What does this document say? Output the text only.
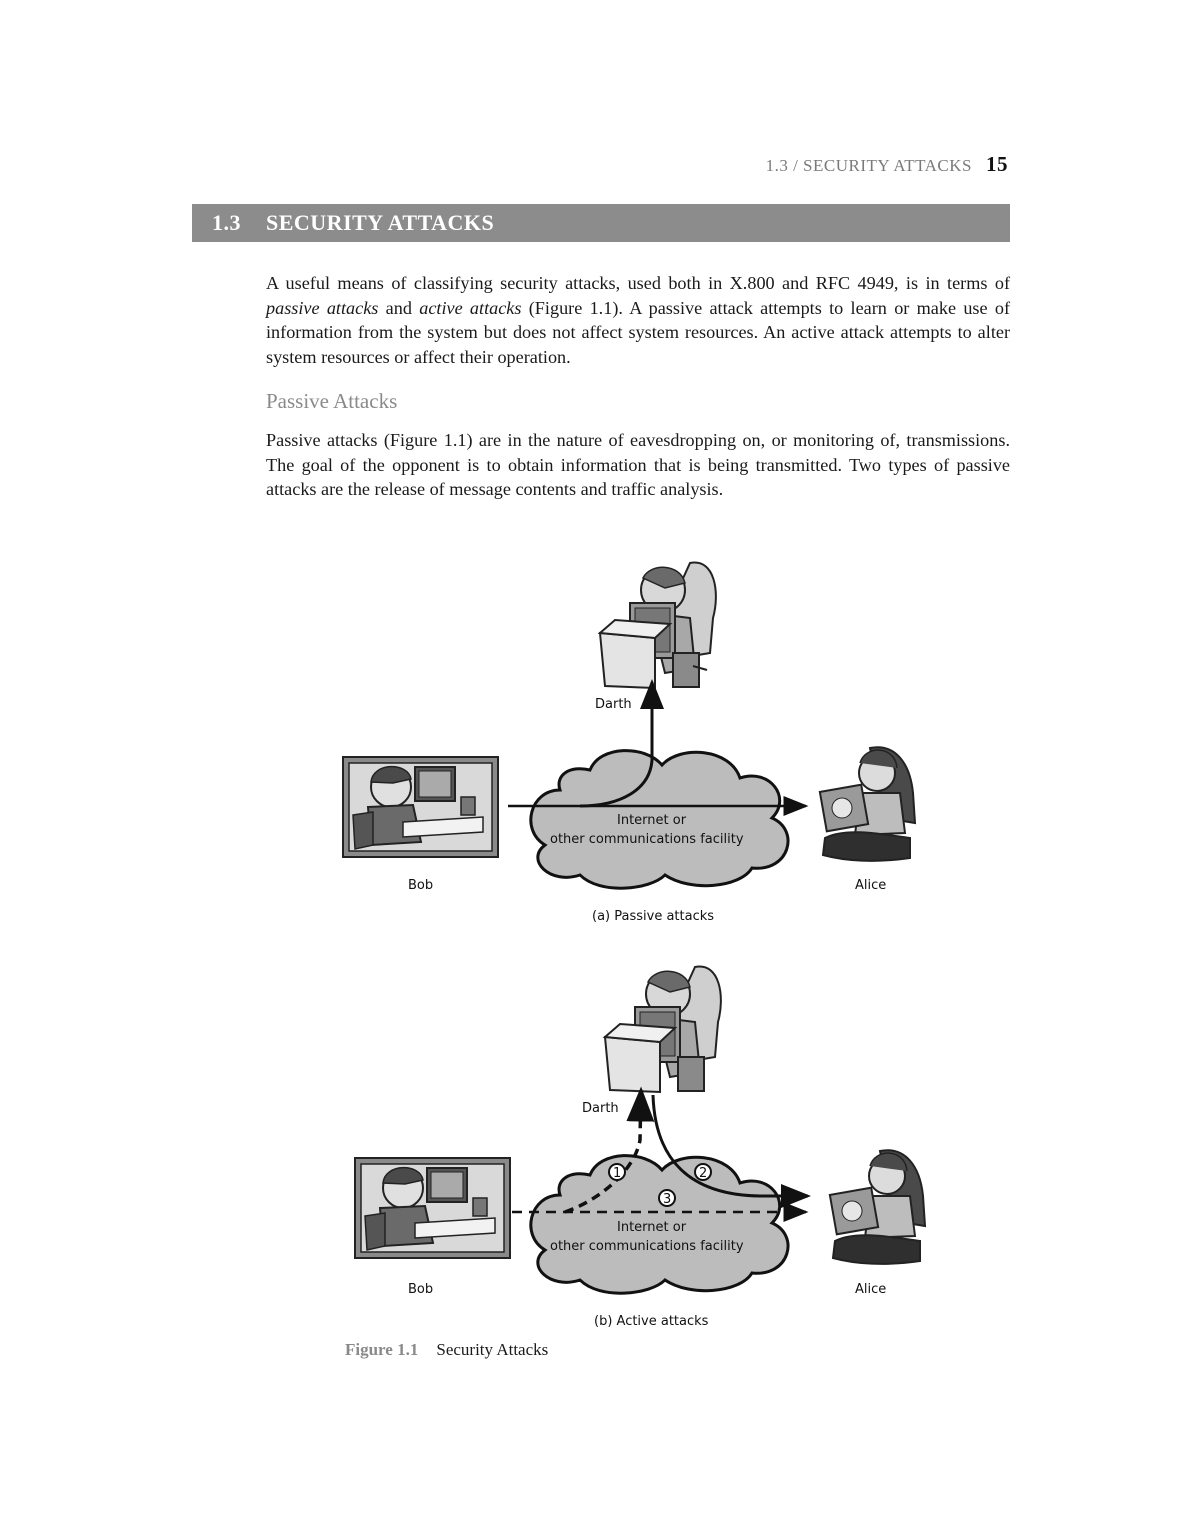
1.3 / SECURITY ATTACKS 15
1.3 SECURITY ATTACKS

A useful means of classifying security attacks, used both in X.800 and RFC 4949, is in terms of passive attacks and active attacks (Figure 1.1). A passive attack attempts to learn or make use of information from the system but does not affect system resources. An active attack attempts to alter system resources or affect their operation.

Passive Attacks

Passive attacks (Figure 1.1) are in the nature of eavesdropping on, or monitoring of, transmissions. The goal of the opponent is to obtain information that is being transmitted. Two types of passive attacks are the release of message contents and traffic analysis.

Darth
Internet or
other communications facility
Bob	Alice
(a) Passive attacks
Darth
Internet or
other communications facility
Bob	Alice
1	2
3
(b) Active attacks
Figure 1.1 Security Attacks
